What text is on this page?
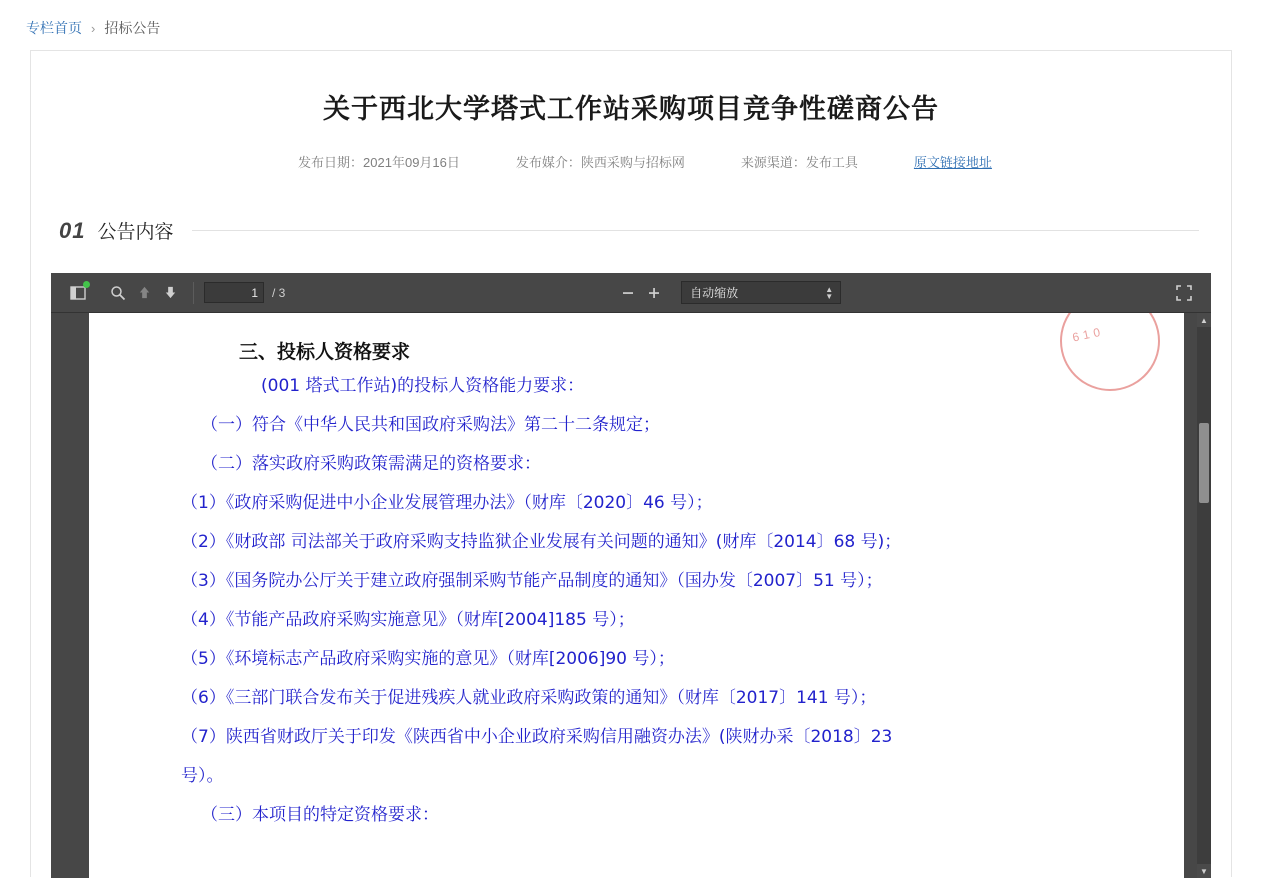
专栏首页 › 招标公告
关于西北大学塔式工作站采购项目竞争性磋商公告
发布日期：2021年09月16日	发布媒介：陕西采购与招标网	来源渠道：发布工具	原文链接地址
01 公告内容
1
/ 3	自动缩放	▲
▼
610
三、投标人资格要求
(001 塔式工作站)的投标人资格能力要求：
（一）符合《中华人民共和国政府采购法》第二十二条规定；
（二）落实政府采购政策需满足的资格要求：
（1）《政府采购促进中小企业发展管理办法》（财库〔2020〕46 号）；
（2）《财政部 司法部关于政府采购支持监狱企业发展有关问题的通知》(财库〔2014〕68 号)；
（3）《国务院办公厅关于建立政府强制采购节能产品制度的通知》（国办发〔2007〕51 号）；
（4）《节能产品政府采购实施意见》（财库[2004]185 号）；
（5）《环境标志产品政府采购实施的意见》（财库[2006]90 号）；
（6）《三部门联合发布关于促进残疾人就业政府采购政策的通知》（财库〔2017〕141 号）；
（7）陕西省财政厅关于印发《陕西省中小企业政府采购信用融资办法》(陕财办采〔2018〕23
号）。
（三）本项目的特定资格要求：
▲
▼
